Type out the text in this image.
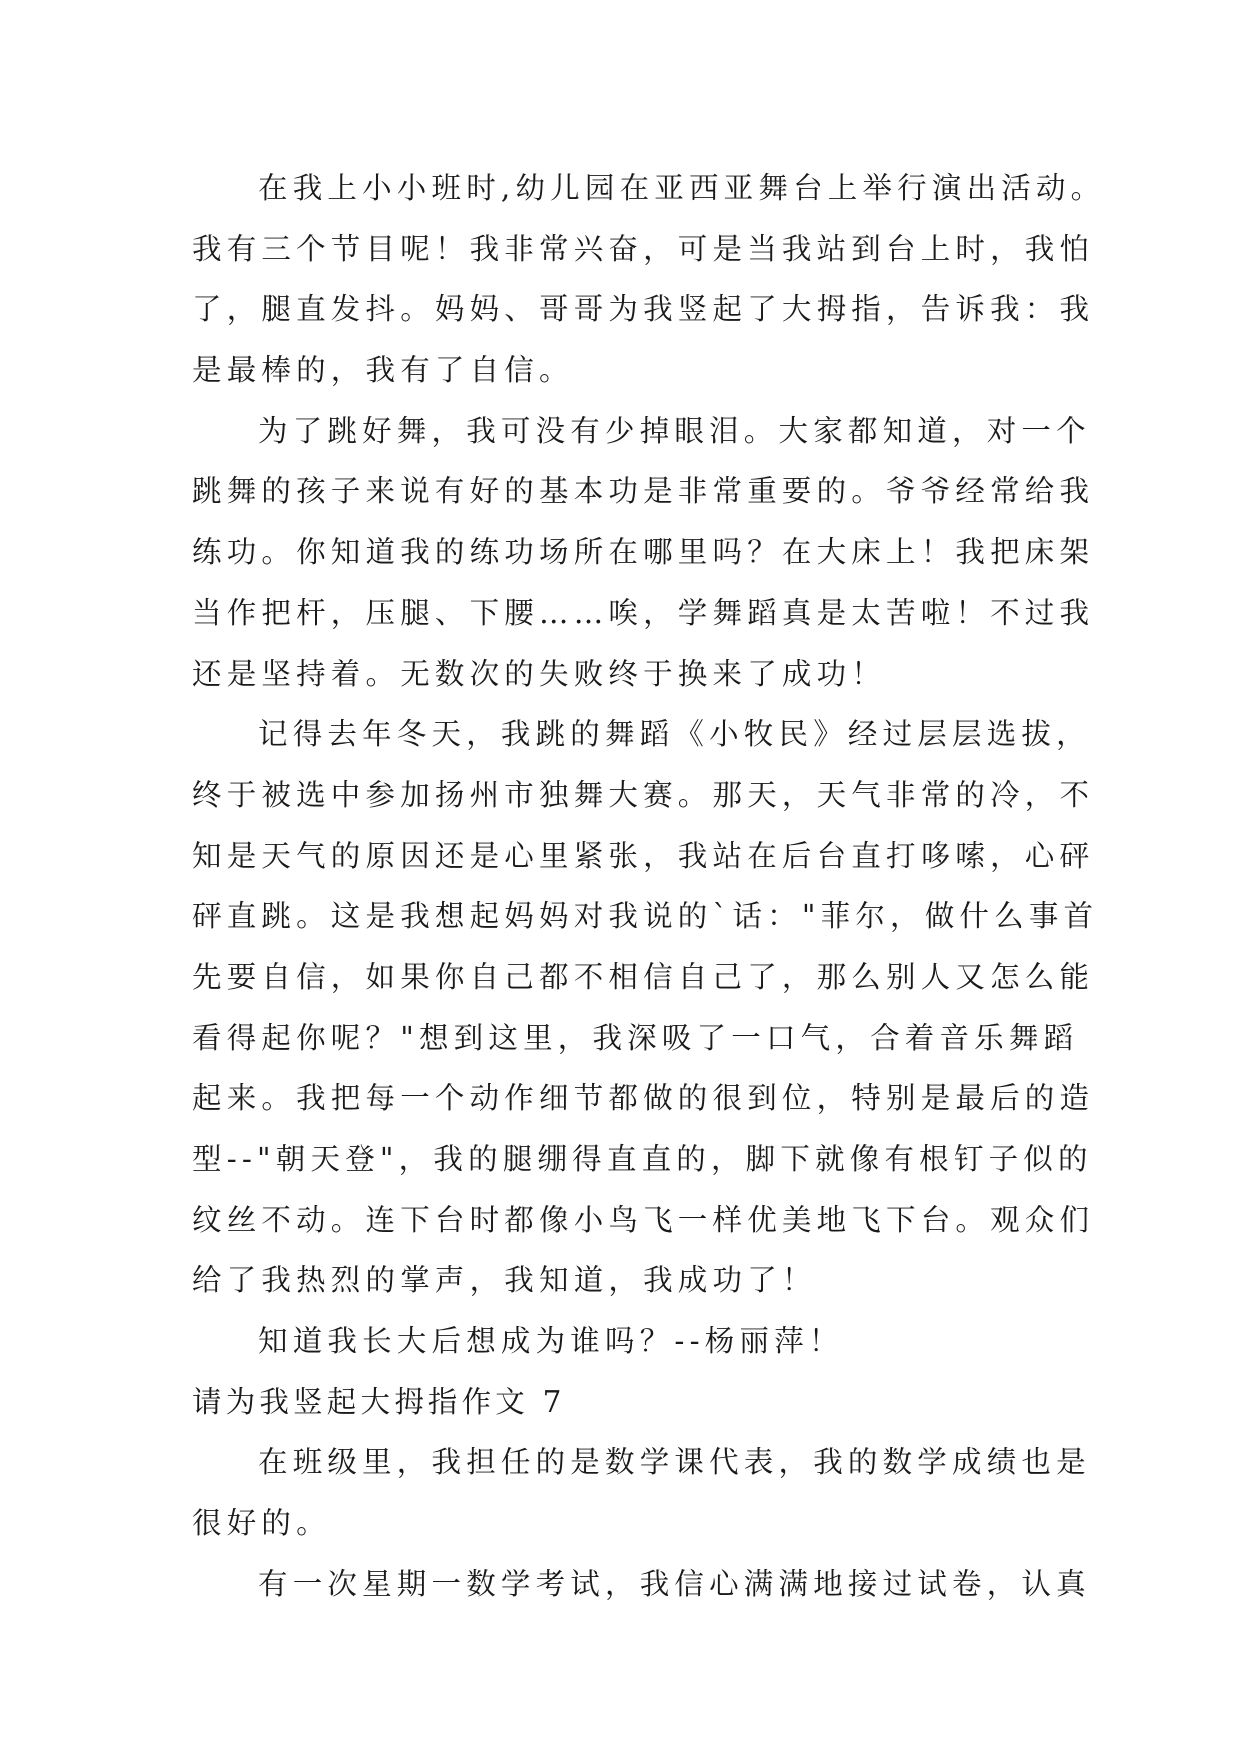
在我上小小班时,幼儿园在亚西亚舞台上举行演出活动。
我有三个节目呢！我非常兴奋，可是当我站到台上时，我怕
了，腿直发抖。妈妈、哥哥为我竖起了大拇指，告诉我：我
是最棒的，我有了自信。
为了跳好舞，我可没有少掉眼泪。大家都知道，对一个
跳舞的孩子来说有好的基本功是非常重要的。爷爷经常给我
练功。你知道我的练功场所在哪里吗？在大床上！我把床架
当作把杆，压腿、下腰……唉，学舞蹈真是太苦啦！不过我
还是坚持着。无数次的失败终于换来了成功！
记得去年冬天，我跳的舞蹈《小牧民》经过层层选拔，
终于被选中参加扬州市独舞大赛。那天，天气非常的冷，不
知是天气的原因还是心里紧张，我站在后台直打哆嗦，心砰
砰直跳。这是我想起妈妈对我说的`话："菲尔，做什么事首
先要自信，如果你自己都不相信自己了，那么别人又怎么能
看得起你呢？"想到这里，我深吸了一口气，合着音乐舞蹈
起来。我把每一个动作细节都做的很到位，特别是最后的造
型--"朝天登"，我的腿绷得直直的，脚下就像有根钉子似的
纹丝不动。连下台时都像小鸟飞一样优美地飞下台。观众们
给了我热烈的掌声，我知道，我成功了！
知道我长大后想成为谁吗？--杨丽萍！
请为我竖起大拇指作文 7
在班级里，我担任的是数学课代表，我的数学成绩也是
很好的。
有一次星期一数学考试，我信心满满地接过试卷，认真
